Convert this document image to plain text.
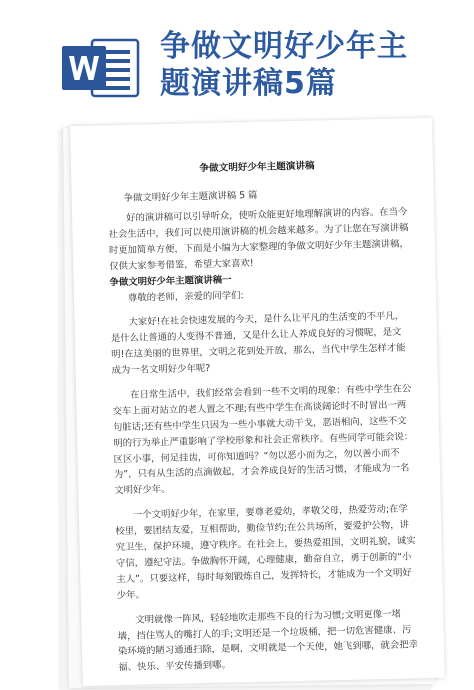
争做文明好少年主
题演讲稿5篇

争做文明好少年主题演讲稿

争做文明好少年主题演讲稿 5 篇

好的演讲稿可以引导听众，使听众能更好地理解演讲的内容。在当今社会生活中，我们可以使用演讲稿的机会越来越多。为了让您在写演讲稿时更加简单方便，下面是小编为大家整理的争做文明好少年主题演讲稿，仅供大家参考借鉴，希望大家喜欢!

争做文明好少年主题演讲稿一

尊敬的老师，亲爱的同学们:

大家好!在社会快速发展的今天，是什么让平凡的生活变的不平凡，是什么让普通的人变得不普通，又是什么让人养成良好的习惯呢，是文明!在这美丽的世界里，文明之花到处开放，那么，当代中学生怎样才能成为一名文明好少年呢?

在日常生活中，我们经常会看到一些不文明的现象：有些中学生在公交车上面对站立的老人置之不理;有些中学生在高谈阔论时不时冒出一两句脏话;还有些中学生只因为一些小事就大动干戈，恶语相向，这些不文明的行为举止严重影响了学校形象和社会正常秩序。有些同学可能会说：区区小事，何足挂齿，可你知道吗？“勿以恶小而为之，勿以善小而不为”，只有从生活的点滴做起，才会养成良好的生活习惯，才能成为一名文明好少年。

一个文明好少年，在家里，要尊老爱幼，孝敬父母，热爱劳动;在学校里，要团结友爱，互相帮助，勤俭节约;在公共场所，要爱护公物，讲究卫生，保护环境，遵守秩序。在社会上，要热爱祖国，文明礼貌，诚实守信，遵纪守法。争做胸怀开阔，心理健康，勤奋自立，勇于创新的“小主人”。只要这样，每时每刻锻炼自己，发挥特长，才能成为一个文明好少年。

文明就像一阵风，轻轻地吹走那些不良的行为习惯;文明更像一堵墙，挡住骂人的嘴打人的手;文明还是一个垃圾桶，把一切危害健康、污染环境的陋习通通扫除，是啊，文明就是一个天使，她飞到哪，就会把幸福、快乐、平安传播到哪。
